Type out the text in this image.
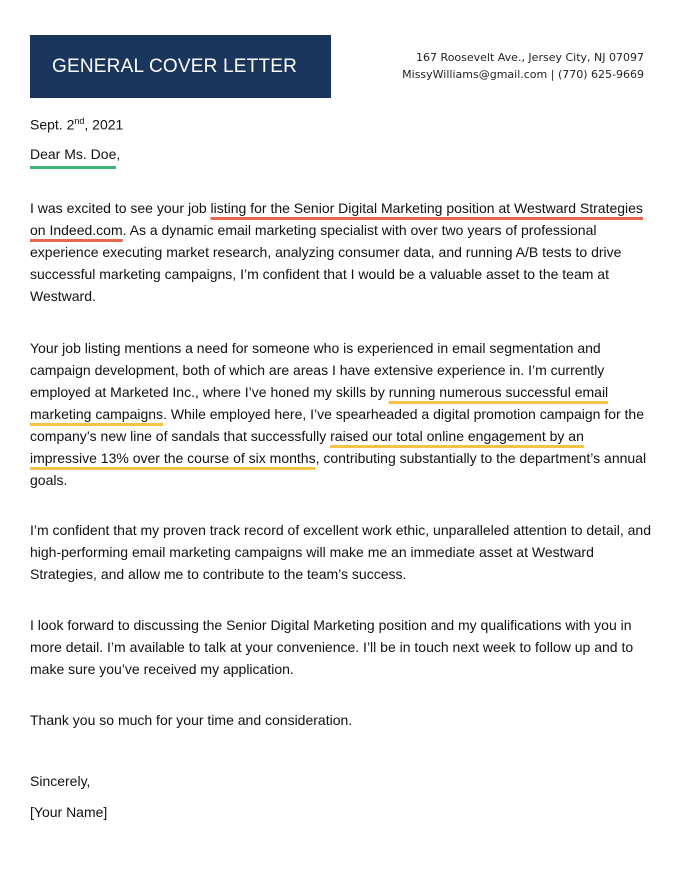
GENERAL COVER LETTER	167 Roosevelt Ave., Jersey City, NJ 07097
MissyWilliams@gmail.com | (770) 625-9669
Sept. 2nd, 2021
Dear Ms. Doe,

I was excited to see your job listing for the Senior Digital Marketing position at Westward Strategies on Indeed.com. As a dynamic email marketing specialist with over two years of professional experience executing market research, analyzing consumer data, and running A/B tests to drive successful marketing campaigns, I’m confident that I would be a valuable asset to the team at Westward.

Your job listing mentions a need for someone who is experienced in email segmentation and campaign development, both of which are areas I have extensive experience in. I’m currently employed at Marketed Inc., where I’ve honed my skills by running numerous successful email marketing campaigns. While employed here, I’ve spearheaded a digital promotion campaign for the company’s new line of sandals that successfully raised our total online engagement by an impressive 13% over the course of six months, contributing substantially to the department’s annual goals.

I’m confident that my proven track record of excellent work ethic, unparalleled attention to detail, and high-performing email marketing campaigns will make me an immediate asset at Westward Strategies, and allow me to contribute to the team’s success.

I look forward to discussing the Senior Digital Marketing position and my qualifications with you in more detail. I’m available to talk at your convenience. I’ll be in touch next week to follow up and to make sure you’ve received my application.

Thank you so much for your time and consideration.

Sincerely,
[Your Name]
